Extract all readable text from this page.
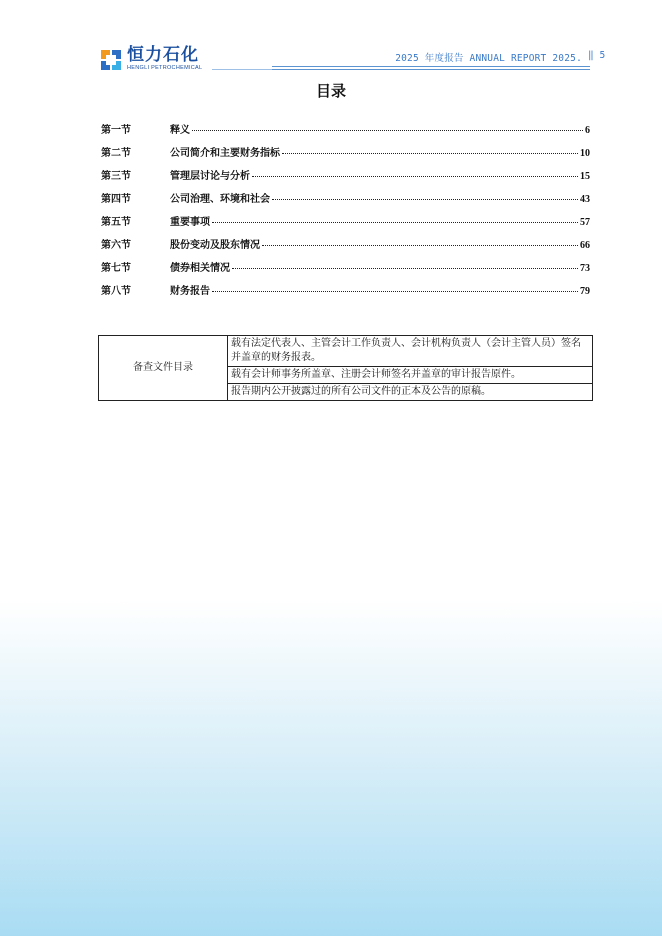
恒力石化
HENGLI PETROCHEMICAL
2025 年度报告 ANNUAL REPORT 2025. ‖ 5
目录
第一节	释义	6
第二节	公司简介和主要财务指标	10
第三节	管理层讨论与分析	15
第四节	公司治理、环境和社会	43
第五节	重要事项	57
第六节	股份变动及股东情况	66
第七节	债券相关情况	73
第八节	财务报告	79
备查文件目录	载有法定代表人、主管会计工作负责人、会计机构负责人（会计主管人员）签名并盖章的财务报表。
载有会计师事务所盖章、注册会计师签名并盖章的审计报告原件。
报告期内公开披露过的所有公司文件的正本及公告的原稿。
